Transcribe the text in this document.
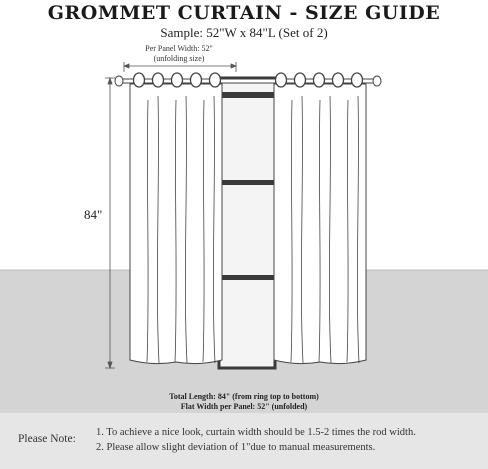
GROMMET CURTAIN - SIZE GUIDE
Sample: 52"W x 84"L (Set of 2)
Per Panel Width: 52"
(unfolding size)
84"
Total Length: 84" (from ring top to bottom)
Flat Width per Panel: 52" (unfolded)
Please Note:
1. To achieve a nice look, curtain width should be 1.5-2 times the rod width.
2. Please allow slight deviation of 1"due to manual measurements.
